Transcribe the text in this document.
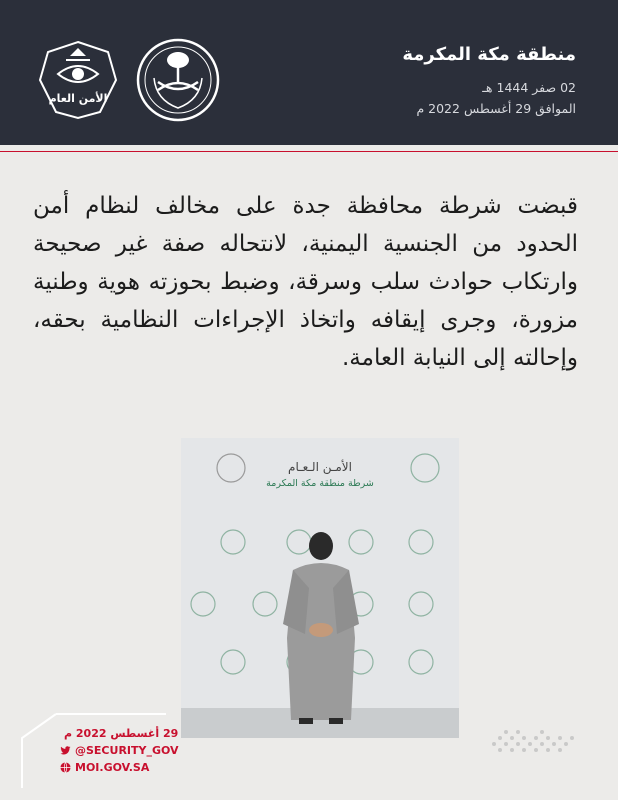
الأمن العام
منطقة مكة المكرمة
02 صفر 1444 هـ
الموافق 29 أغسطس 2022 م
قبضت شرطة محافظة جدة على مخالف لنظام أمن الحدود من الجنسية اليمنية، لانتحاله صفة غير صحيحة وارتكاب حوادث سلب وسرقة، وضبط بحوزته هوية وطنية مزورة، وجرى إيقافه واتخاذ الإجراءات النظامية بحقه، وإحالته إلى النيابة العامة.
الأمـن الـعـام
شرطة منطقة مكة المكرمة
29 أغسطس 2022 م
@SECURITY_GOV
MOI.GOV.SA
